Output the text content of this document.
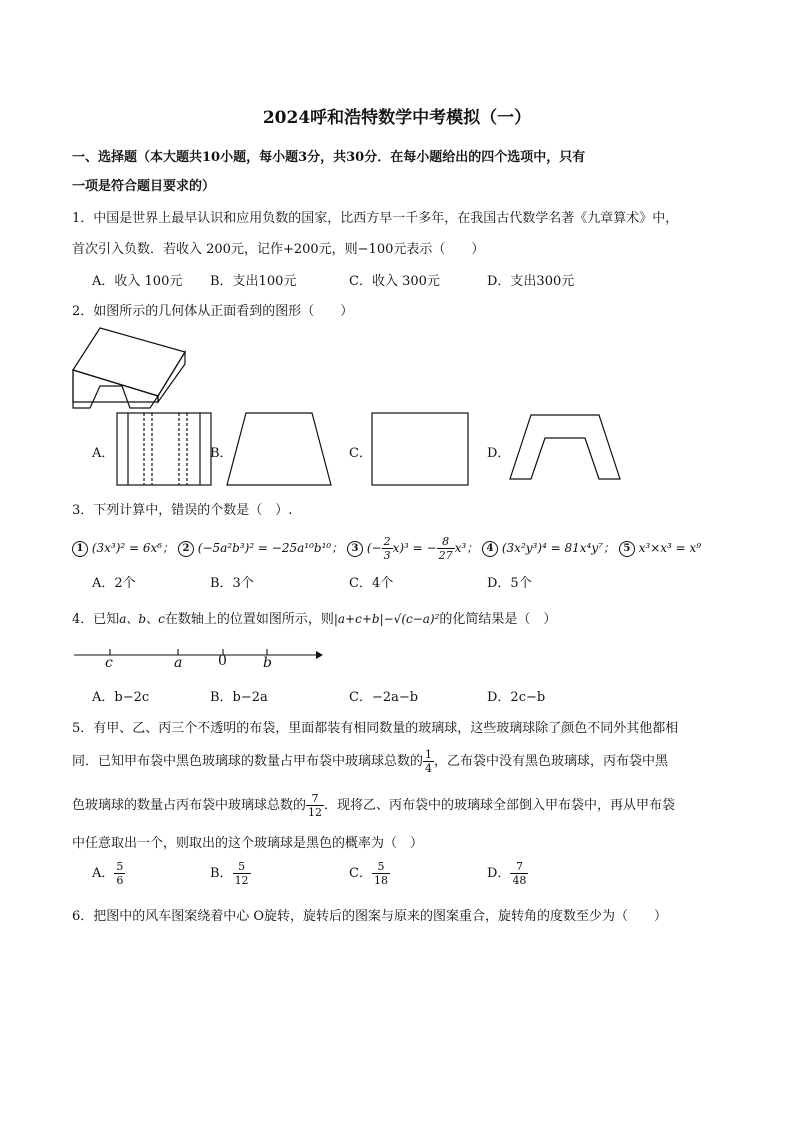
2024呼和浩特数学中考模拟（一）
一、选择题（本大题共10小题，每小题3分，共30分．在每小题给出的四个选项中，只有
一项是符合题目要求的）
1．中国是世界上最早认识和应用负数的国家，比西方早一千多年，在我国古代数学名著《九章算术》中，
首次引入负数．若收入 200元，记作+200元，则−100元表示（　　）
A．收入 100元 B．支出100元	C．收入 300元	D．支出300元
2．如图所示的几何体从正面看到的图形（　　）
A．	B．	C．	D．
3．下列计算中，错误的个数是（　）.
1 (3x³)² = 6x⁶； 2 (−5a²b³)² = −25a¹⁰b¹⁰； 3 (− $\frac{2}{3} x)^3$ = − $\frac{8}{27} x^3$； 4 (3x²y³)⁴ = 81x⁴y⁷； 5 x³×x³ = x⁹
A．2个	B．3个	C．4个	D．5个
4．已知a、b、c在数轴上的位置如图所示，则|a+c+b|−√(c−a)²的化简结果是（　）
c	a	0	b
A．b−2c	B．b−2a	C．−2a−b	D．2c−b
5．有甲、乙、丙三个不透明的布袋，里面都装有相同数量的玻璃球，这些玻璃球除了颜色不同外其他都相
同．已知甲布袋中黑色玻璃球的数量占甲布袋中玻璃球总数的 $\frac{1}{4}$ ，乙布袋中没有黑色玻璃球，丙布袋中黑
色玻璃球的数量占丙布袋中玻璃球总数的 $\frac{7}{12}$ ．现将乙、丙布袋中的玻璃球全部倒入甲布袋中，再从甲布袋
中任意取出一个，则取出的这个玻璃球是黑色的概率为（　）
A． $\frac{5}{6}$	B． $\frac{5}{12}$	C． $\frac{5}{18}$	D． $\frac{7}{48}$
6．把图中的风车图案绕着中心 O旋转，旋转后的图案与原来的图案重合，旋转角的度数至少为（　　）
